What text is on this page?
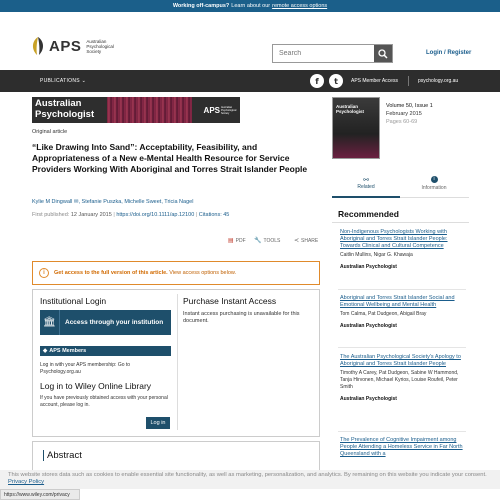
Working off-campus? Learn about our remote access options
APS Australian
Psychological
Society
Search	Login / Register
PUBLICATIONS ⌄	f	t	APS Member Access	psychology.org.au
Australian
Psychologist	APS Australian Psychological Society
Original article
“Like Drawing Into Sand”: Acceptability, Feasibility, and Appropriateness of a New e‐Mental Health Resource for Service Providers Working With Aboriginal and Torres Strait Islander People
Kylie M Dingwall ✉, Stefanie Puszka, Michelle Sweet, Tricia Nagel
First published: 12 January 2015 | https://doi.org/10.1111/ap.12100 | Citations: 45
▤ PDF 🔧 TOOLS ≺ SHARE
i	Get access to the full version of this article. View access options below.
Institutional Login
🏛	Access through your institution
◆ APS Members
Log in with your APS membership: Go to Psychology.org.au
Log in to Wiley Online Library
If you have previously obtained access with your personal account, please log in.
Log in
Purchase Instant Access
Instant access purchasing is unavailable for this document.
Abstract
Australian
Psychologist
Volume 50, Issue 1
February 2015
Pages 60-69
⚯
Related
i
Information
Recommended
Non‐Indigenous Psychologists Working with Aboriginal and Torres Strait Islander People: Towards Clinical and Cultural Competence
Caitlin Mullins, Nigar G. Khawaja
Australian Psychologist
Aboriginal and Torres Strait Islander Social and Emotional Wellbeing and Mental Health
Tom Calma, Pat Dudgeon, Abigail Bray
Australian Psychologist
The Australian Psychological Society's Apology to Aboriginal and Torres Strait Islander People
Timothy A Carey, Pat Dudgeon, Sabine W Hammond, Tanja Hirvonen, Michael Kyrios, Louise Roufeil, Peter Smith
Australian Psychologist
The Prevalence of Cognitive Impairment among People Attending a Homeless Service in Far North Queensland with a
This website stores data such as cookies to enable essential site functionality, as well as marketing, personalization, and analytics. By remaining on this website you indicate your consent. Privacy Policy
https://www.wiley.com/privacy
